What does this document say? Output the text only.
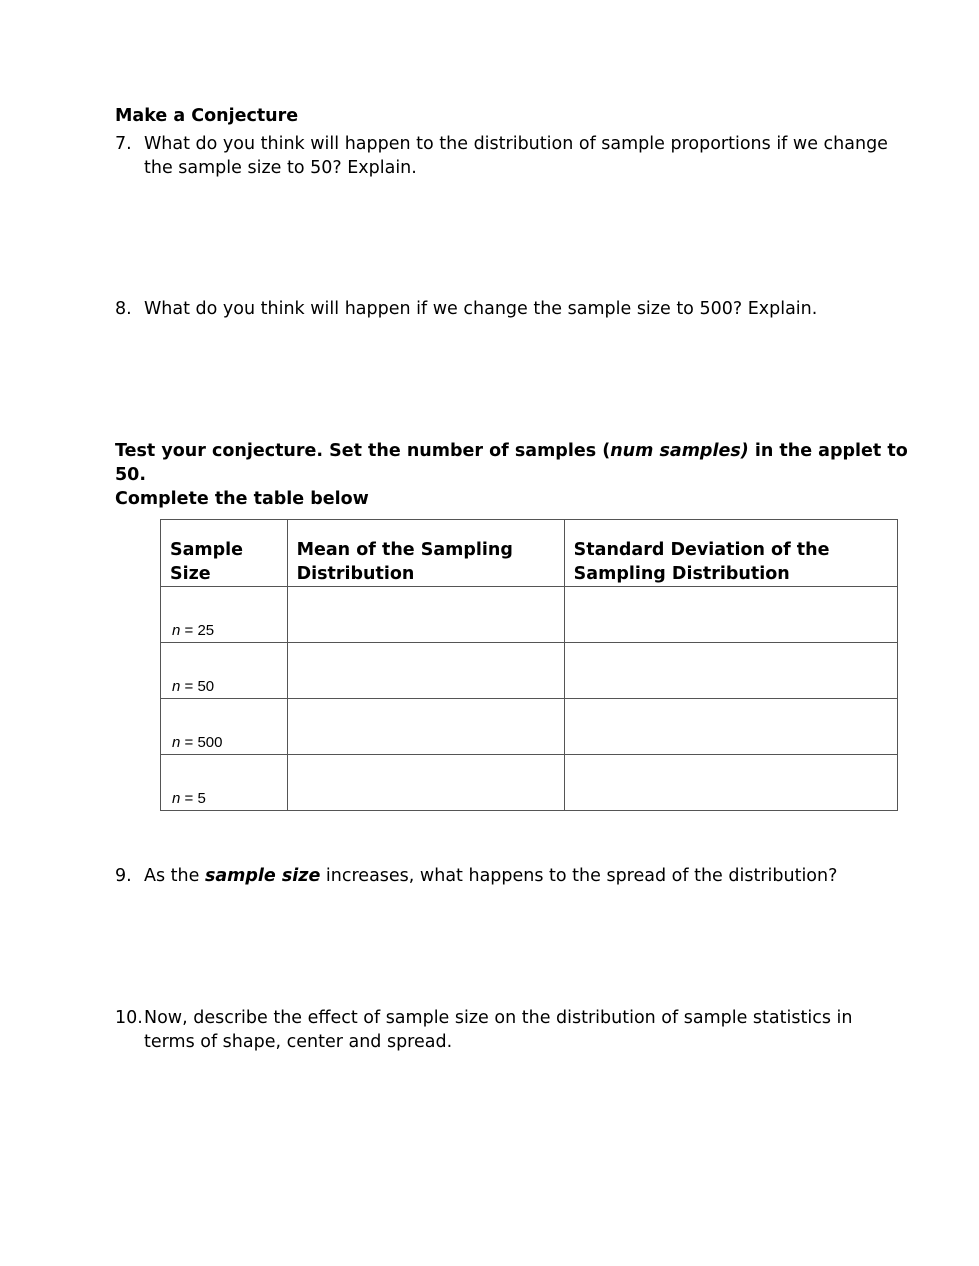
Make a Conjecture
7. What do you think will happen to the distribution of sample proportions if we change the sample size to 50? Explain.
8. What do you think will happen if we change the sample size to 500? Explain.
Test your conjecture. Set the number of samples (num samples) in the applet to 50.
Complete the table below
Sample Size	Mean of the Sampling Distribution	Standard Deviation of the Sampling Distribution

n = 25		

n = 50		

n = 500		

n = 5		

9. As the sample size increases, what happens to the spread of the distribution?
10. Now, describe the effect of sample size on the distribution of sample statistics in terms of shape, center and spread.
